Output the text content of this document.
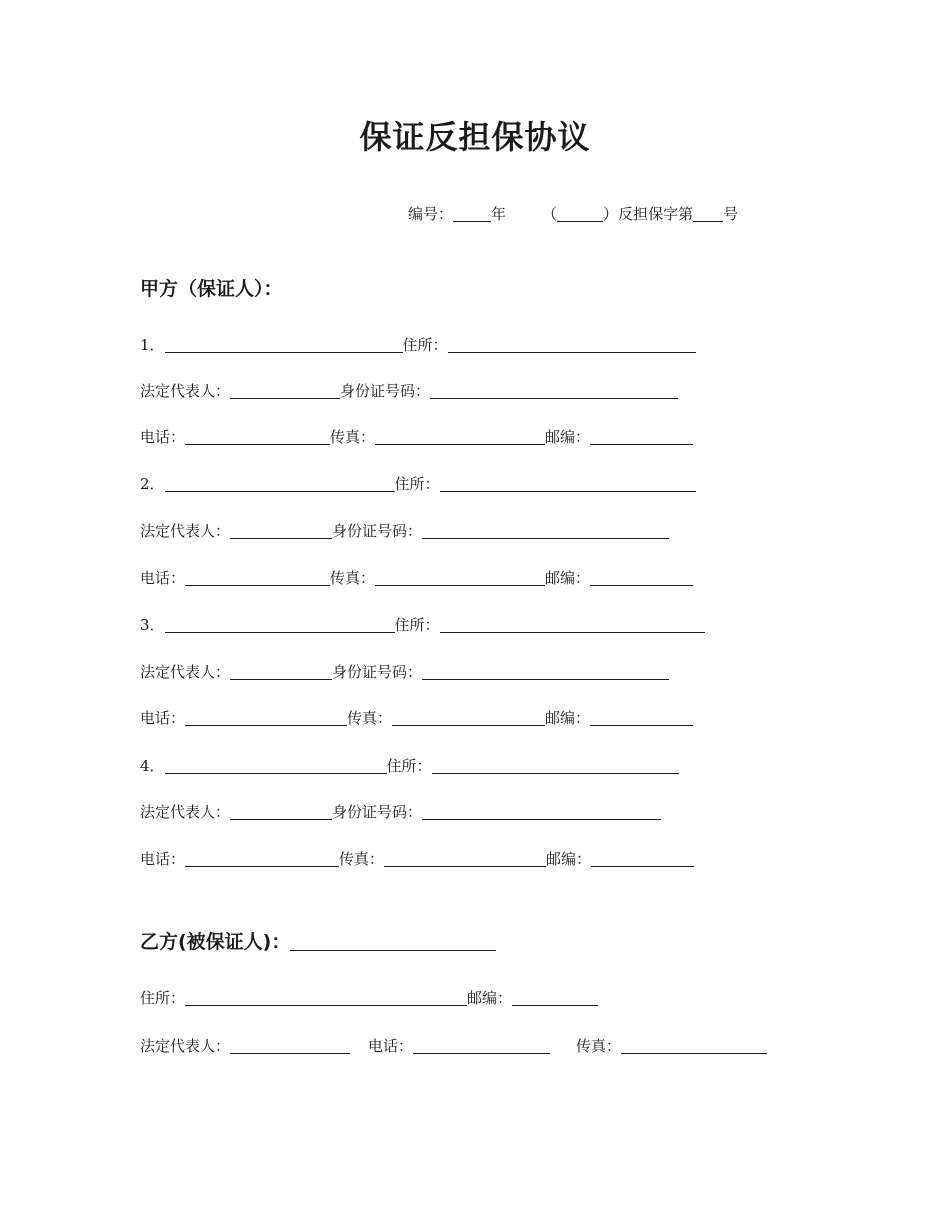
保证反担保协议
编号：	年 （	） 反担保字第 号
甲方（保证人）：
1．	住所：
法定代表人：	身份证号码：
电话：	传真：	邮编：
2．	住所：
法定代表人：	身份证号码：
电话：	传真：	邮编：
3．	住所：
法定代表人：	身份证号码：
电话：	传真：	邮编：
4．	住所：
法定代表人：	身份证号码：
电话：	传真：	邮编：
乙方(被保证人)：
住所：	邮编：
法定代表人：	电话：	传真：
